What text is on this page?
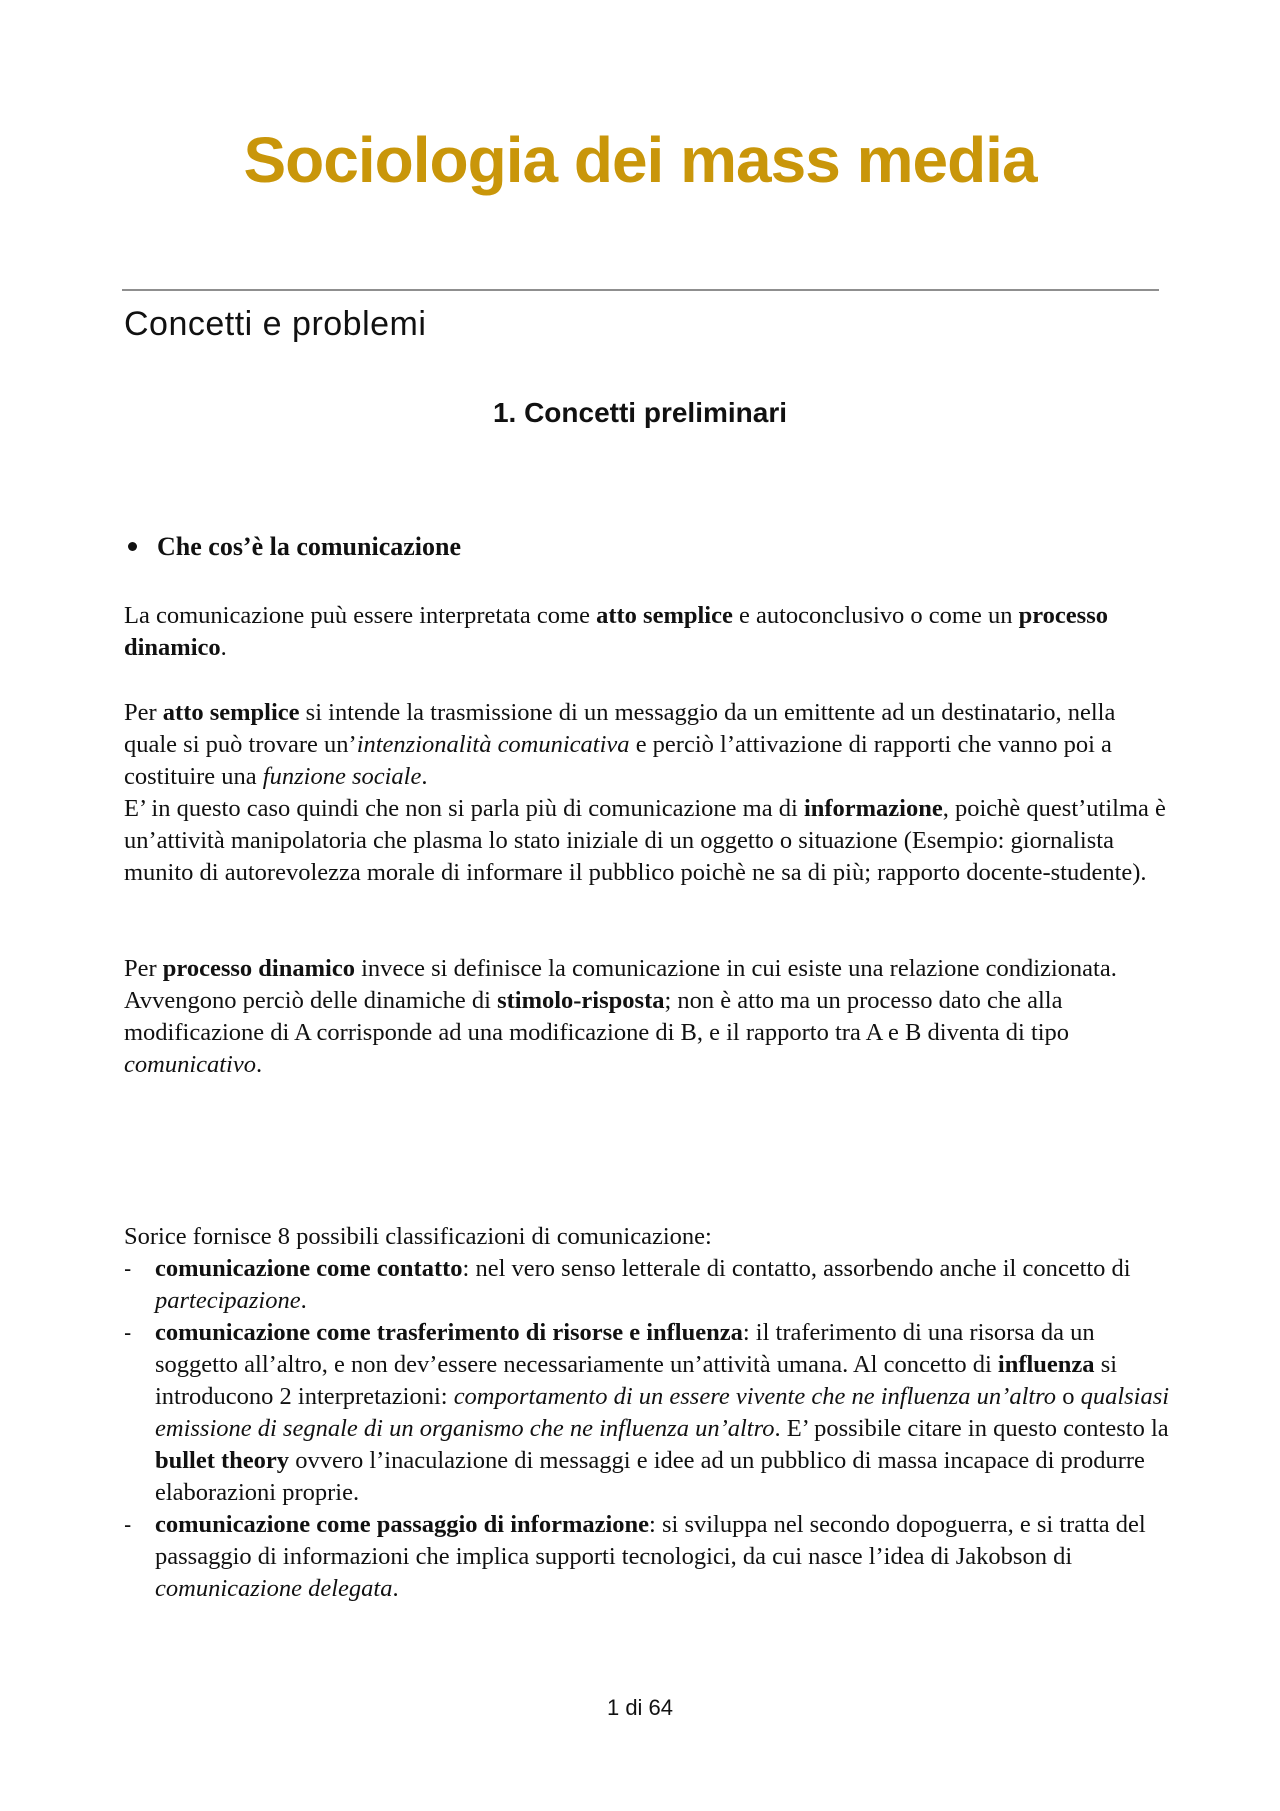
Sociologia dei mass media
Concetti e problemi
1. Concetti preliminari
Che cos’è la comunicazione

La comunicazione puù essere interpretata come atto semplice e autoconclusivo o come un processo dinamico.

Per atto semplice si intende la trasmissione di un messaggio da un emittente ad un destinatario, nella quale si può trovare un’intenzionalità comunicativa e perciò l’attivazione di rapporti che vanno poi a costituire una funzione sociale.
E’ in questo caso quindi che non si parla più di comunicazione ma di informazione, poichè quest’utilma è un’attività manipolatoria che plasma lo stato iniziale di un oggetto o situazione (Esempio: giornalista munito di autorevolezza morale di informare il pubblico poichè ne sa di più; rapporto docente-studente).

Per processo dinamico invece si definisce la comunicazione in cui esiste una relazione condizionata.
Avvengono perciò delle dinamiche di stimolo-risposta; non è atto ma un processo dato che alla modificazione di A corrisponde ad una modificazione di B, e il rapporto tra A e B diventa di tipo comunicativo.

Sorice fornisce 8 possibili classificazioni di comunicazione:

- comunicazione come contatto: nel vero senso letterale di contatto, assorbendo anche il concetto di partecipazione.
- comunicazione come trasferimento di risorse e influenza: il traferimento di una risorsa da un soggetto all’altro, e non dev’essere necessariamente un’attività umana. Al concetto di influenza si introducono 2 interpretazioni: comportamento di un essere vivente che ne influenza un’altro o qualsiasi emissione di segnale di un organismo che ne influenza un’altro. E’ possibile citare in questo contesto la bullet theory ovvero l’inaculazione di messaggi e idee ad un pubblico di massa incapace di produrre elaborazioni proprie.
- comunicazione come passaggio di informazione: si sviluppa nel secondo dopoguerra, e si tratta del passaggio di informazioni che implica supporti tecnologici, da cui nasce l’idea di Jakobson di comunicazione delegata.
1 di 64
